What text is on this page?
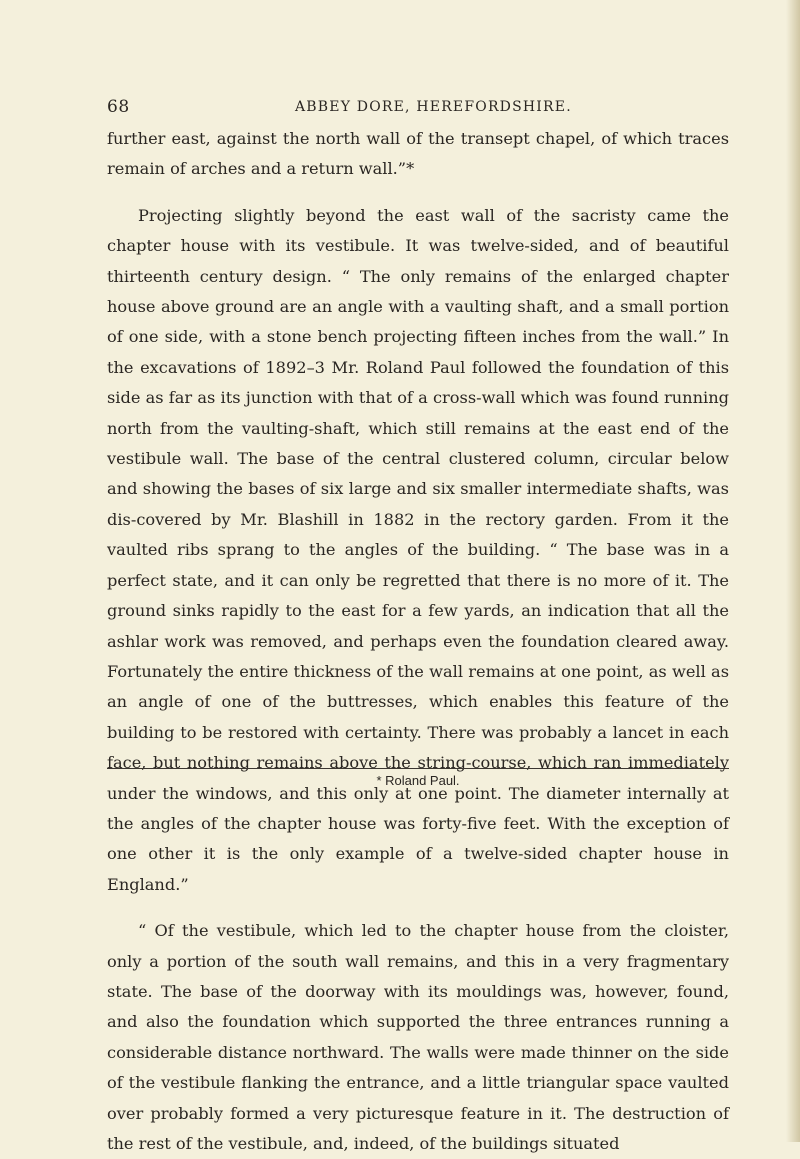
68	ABBEY DORE, HEREFORDSHIRE.

further east, against the north wall of the transept chapel, of which traces remain of arches and a return wall.”*

Projecting slightly beyond the east wall of the sacristy came the chapter house with its vestibule. It was twelve-sided, and of beautiful thirteenth century design. “ The only remains of the enlarged chapter house above ground are an angle with a vaulting shaft, and a small portion of one side, with a stone bench projecting fifteen inches from the wall.” In the excavations of 1892–3 Mr. Roland Paul followed the foundation of this side as far as its junction with that of a cross-wall which was found running north from the vaulting-shaft, which still remains at the east end of the vestibule wall. The base of the central clustered column, circular below and showing the bases of six large and six smaller intermediate shafts, was dis-covered by Mr. Blashill in 1882 in the rectory garden. From it the vaulted ribs sprang to the angles of the building. “ The base was in a perfect state, and it can only be regretted that there is no more of it. The ground sinks rapidly to the east for a few yards, an indication that all the ashlar work was removed, and perhaps even the foundation cleared away. Fortunately the entire thickness of the wall remains at one point, as well as an angle of one of the buttresses, which enables this feature of the building to be restored with certainty. There was probably a lancet in each face, but nothing remains above the string-course, which ran immediately under the windows, and this only at one point. The diameter internally at the angles of the chapter house was forty-five feet. With the exception of one other it is the only example of a twelve-sided chapter house in England.”

“ Of the vestibule, which led to the chapter house from the cloister, only a portion of the south wall remains, and this in a very fragmentary state. The base of the doorway with its mouldings was, however, found, and also the foundation which supported the three entrances running a considerable distance northward. The walls were made thinner on the side of the vestibule flanking the entrance, and a little triangular space vaulted over probably formed a very picturesque feature in it. The destruction of the rest of the vestibule, and, indeed, of the buildings situated

* Roland Paul.
